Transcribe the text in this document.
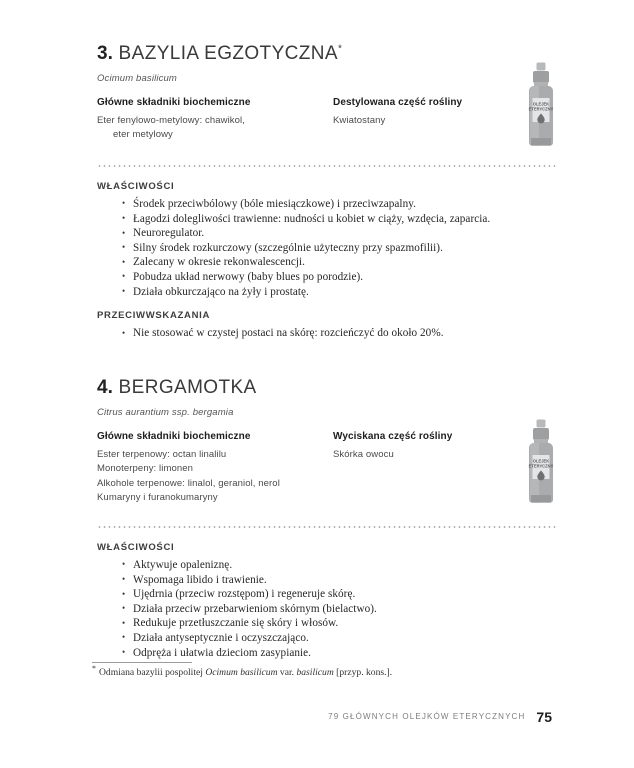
3. BAZYLIA EGZOTYCZNA*
Ocimum basilicum
Główne składniki biochemiczne
Eter fenylowo-metylowy: chawikol,
eter metylowy
Destylowana część rośliny
Kwiatostany
WŁAŚCIWOŚCI
• Środek przeciwbólowy (bóle miesiączkowe) i przeciwzapalny.
• Łagodzi dolegliwości trawienne: nudności u kobiet w ciąży, wzdęcia, zaparcia.
• Neuroregulator.
• Silny środek rozkurczowy (szczególnie użyteczny przy spazmofilii).
• Zalecany w okresie rekonwalescencji.
• Pobudza układ nerwowy (baby blues po porodzie).
• Działa obkurczająco na żyły i prostatę.
PRZECIWWSKAZANIA
• Nie stosować w czystej postaci na skórę: rozcieńczyć do około 20%.
OLEJEK
ETERYCZNY
4. BERGAMOTKA
Citrus aurantium ssp. bergamia
Główne składniki biochemiczne
Ester terpenowy: octan linalilu
Monoterpeny: limonen
Alkohole terpenowe: linalol, geraniol, nerol
Kumaryny i furanokumaryny
Wyciskana część rośliny
Skórka owocu
WŁAŚCIWOŚCI
• Aktywuje opaleniznę.
• Wspomaga libido i trawienie.
• Ujędrnia (przeciw rozstępom) i regeneruje skórę.
• Działa przeciw przebarwieniom skórnym (bielactwo).
• Redukuje przetłuszczanie się skóry i włosów.
• Działa antyseptycznie i oczyszczająco.
• Odpręża i ułatwia dzieciom zasypianie.
OLEJEK
ETERYCZNY
* Odmiana bazylii pospolitej Ocimum basilicum var. basilicum [przyp. kons.].
79 GŁÓWNYCH OLEJKÓW ETERYCZNYCH 75
